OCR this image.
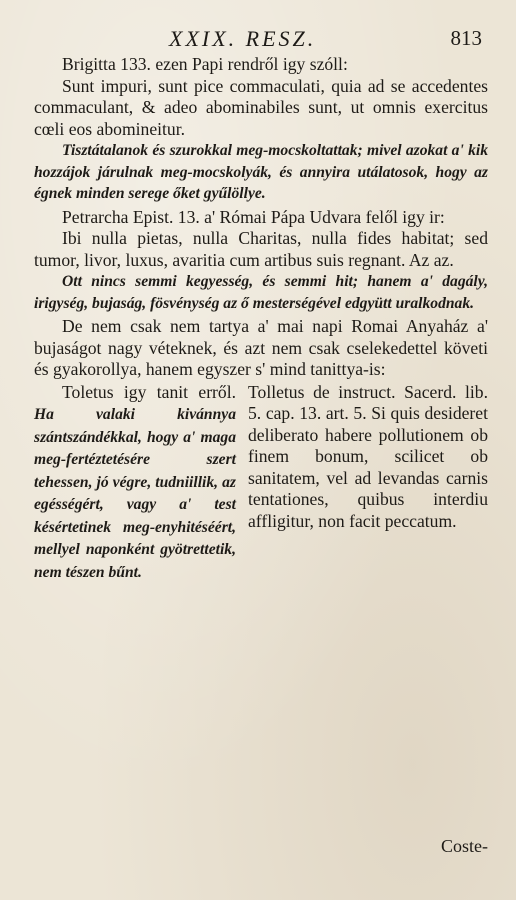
XXIX. RESZ.	813

Brigitta 133. ezen Papi rendről igy szóll:

Sunt impuri, sunt pice commaculati, quia ad se accedentes commaculant, & adeo abominabiles sunt, ut omnis exercitus cœli eos abomineitur.

Tisztátalanok és szurokkal meg-mocskoltattak; mivel azokat a' kik hozzájok járulnak meg-mocskolyák, és annyira utálatosok, hogy az égnek minden serege őket gyűlöllye.

Petrarcha Epist. 13. a' Római Pápa Udvara felől igy ir:

Ibi nulla pietas, nulla Charitas, nulla fides habitat; sed tumor, livor, luxus, avaritia cum artibus suis regnant. Az az.

Ott nincs semmi kegyesség, és semmi hit; hanem a' dagály, irigység, bujaság, fösvénység az ő mesterségével edgyütt uralkodnak.

De nem csak nem tartya a' mai napi Romai Anyaház a' bujaságot nagy véteknek, és azt nem csak cselekedettel követi és gyakorollya, hanem egyszer s' mind tanittya-is:

Toletus igy tanit erről. Ha valaki kivánnya szántszándékkal, hogy a' maga meg-fertéztetésére szert tehessen, jó végre, tudniillik, az egésségért, vagy a' test késértetinek meg-enyhitéséért, mellyel naponként gyötrettetik, nem tészen bűnt.

Tolletus de instruct. Sacerd. lib. 5. cap. 13. art. 5. Si quis desideret deliberato habere pollutionem ob finem bonum, scilicet ob sanitatem, vel ad levandas carnis tentationes, quibus interdiu affligitur, non facit peccatum.

Coste-
